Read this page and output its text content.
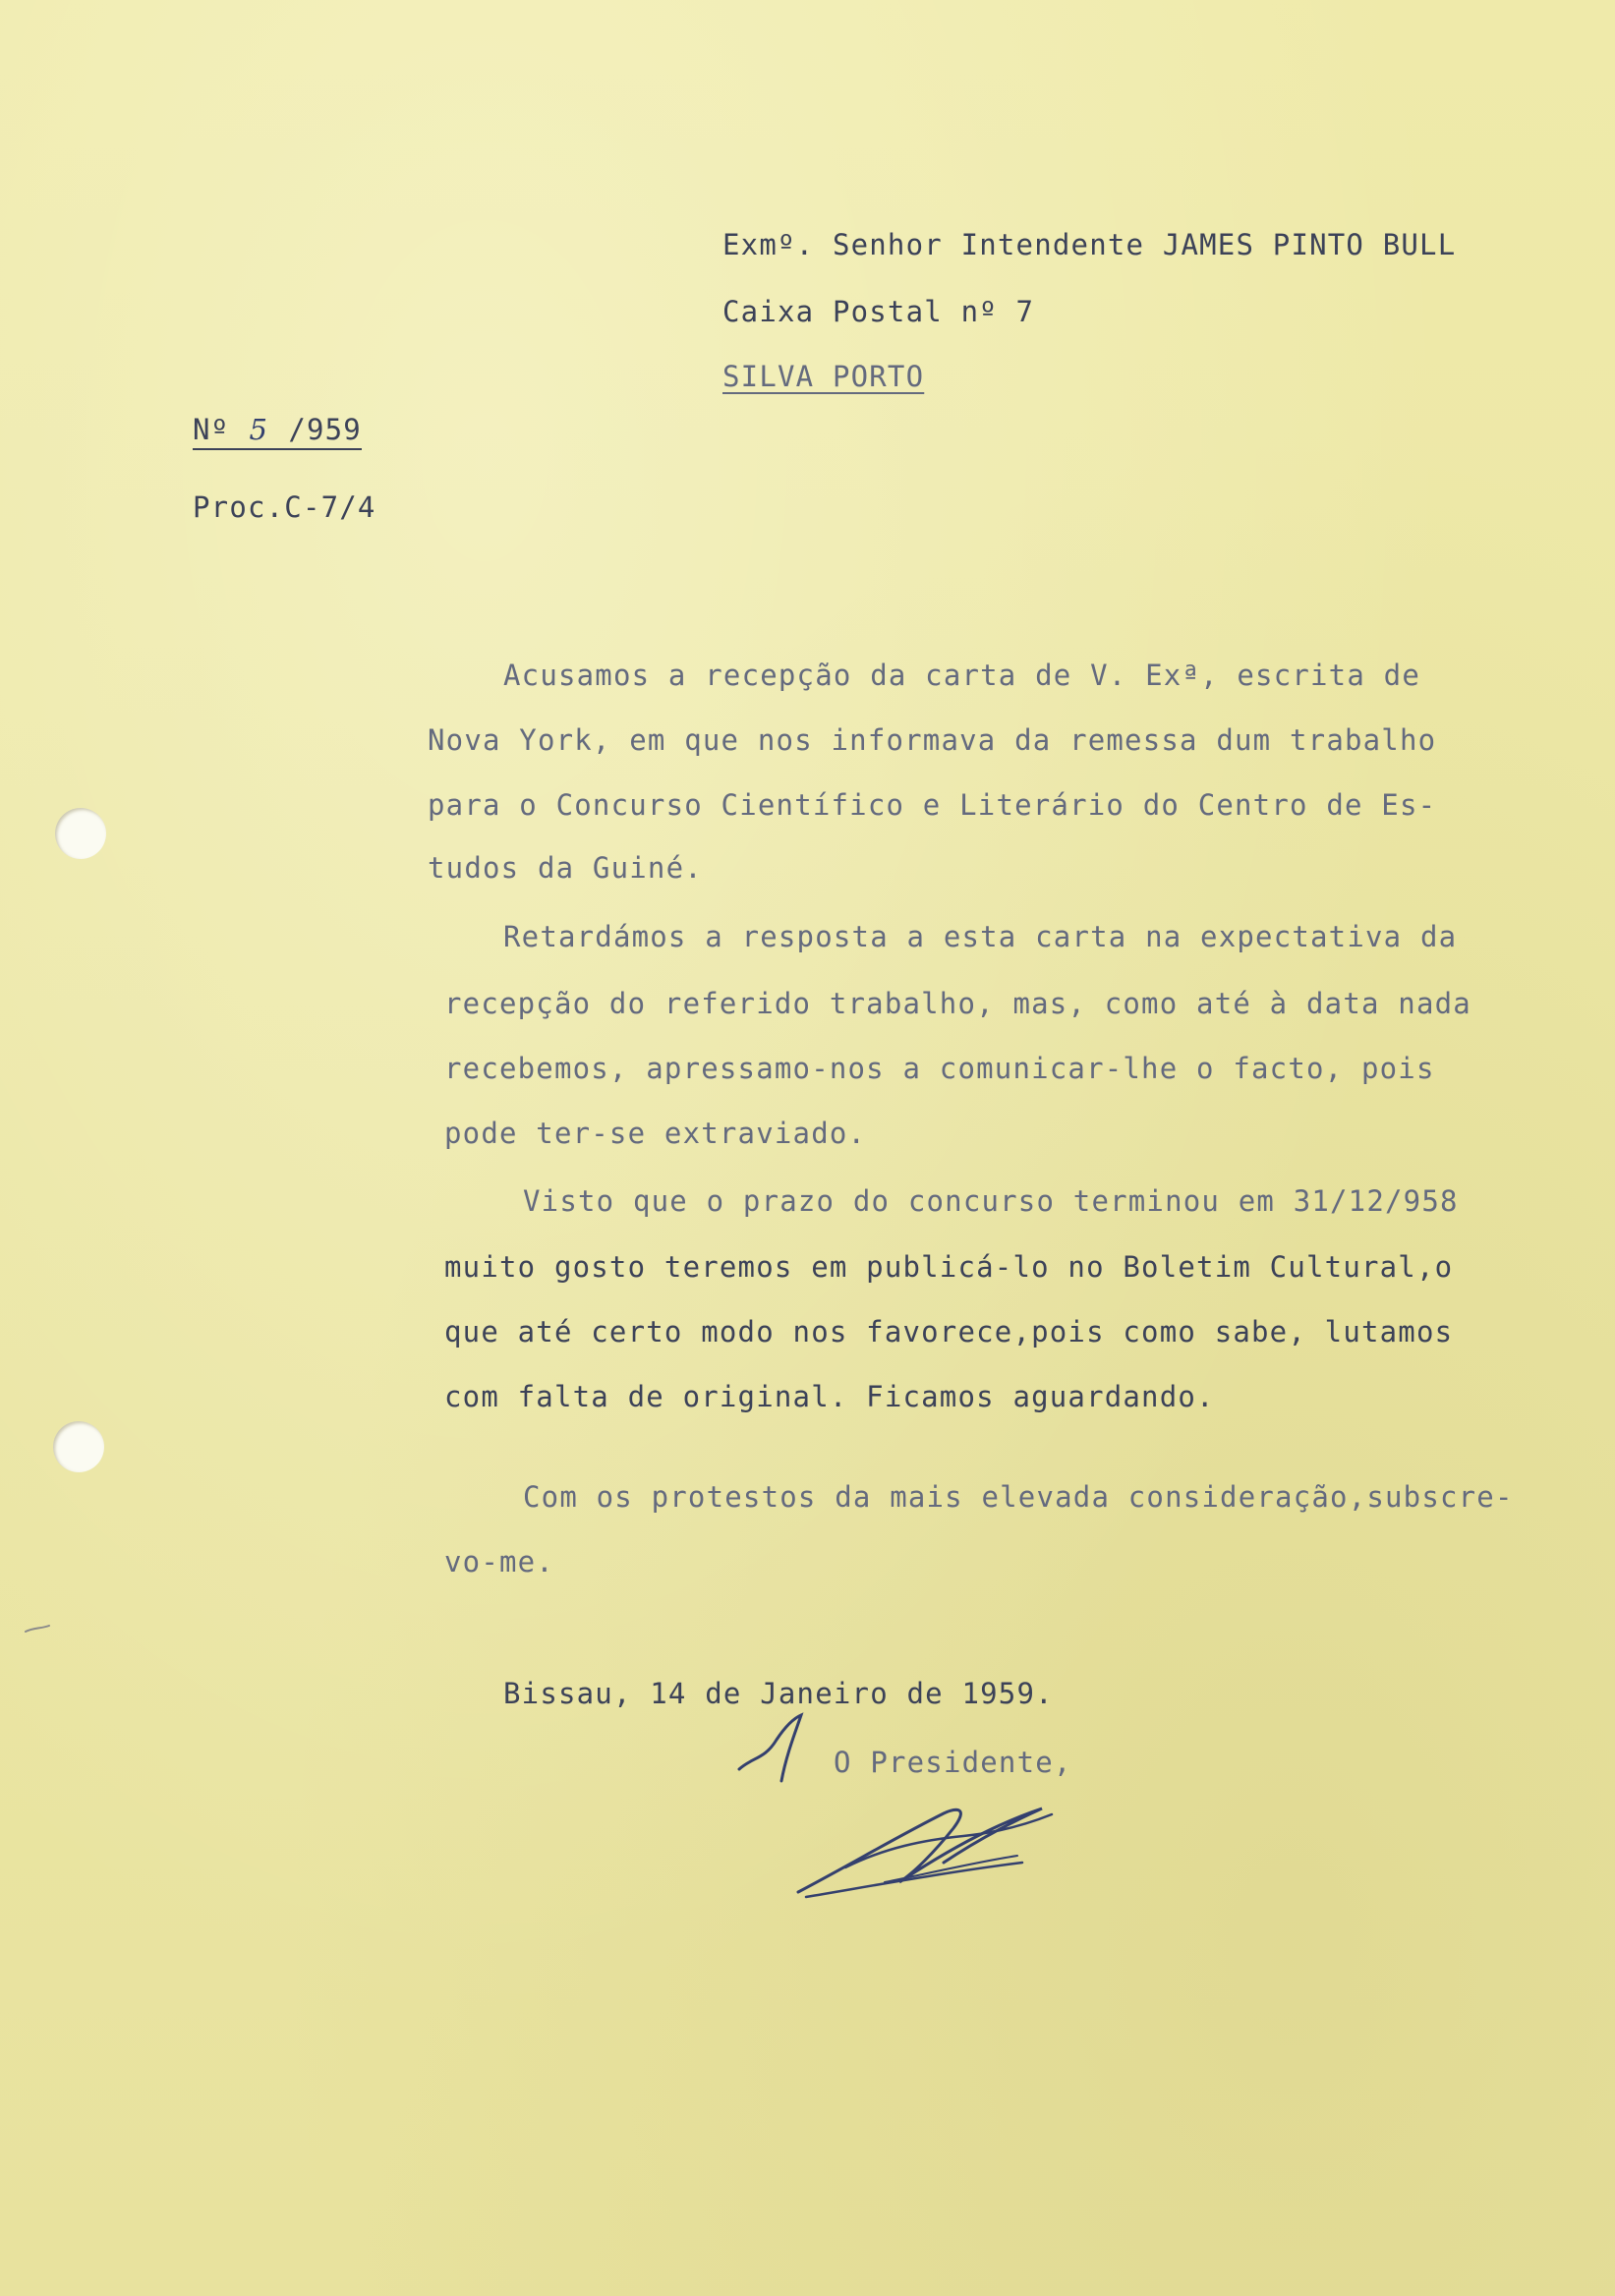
Exmº. Senhor Intendente JAMES PINTO BULL
Caixa Postal nº 7
SILVA PORTO
Nº 5 /959
Proc.C-7/4
Acusamos a recepção da carta de V. Exª, escrita de
Nova York, em que nos informava da remessa dum trabalho
para o Concurso Científico e Literário do Centro de Es-
tudos da Guiné.
Retardámos a resposta a esta carta na expectativa da
recepção do referido trabalho, mas, como até à data nada
recebemos, apressamo-nos a comunicar-lhe o facto, pois
pode ter-se extraviado.
Visto que o prazo do concurso terminou em 31/12/958
muito gosto teremos em publicá-lo no Boletim Cultural,o
que até certo modo nos favorece,pois como sabe, lutamos
com falta de original. Ficamos aguardando.
Com os protestos da mais elevada consideração,subscre-
vo-me.
Bissau, 14 de Janeiro de 1959.
O Presidente,
